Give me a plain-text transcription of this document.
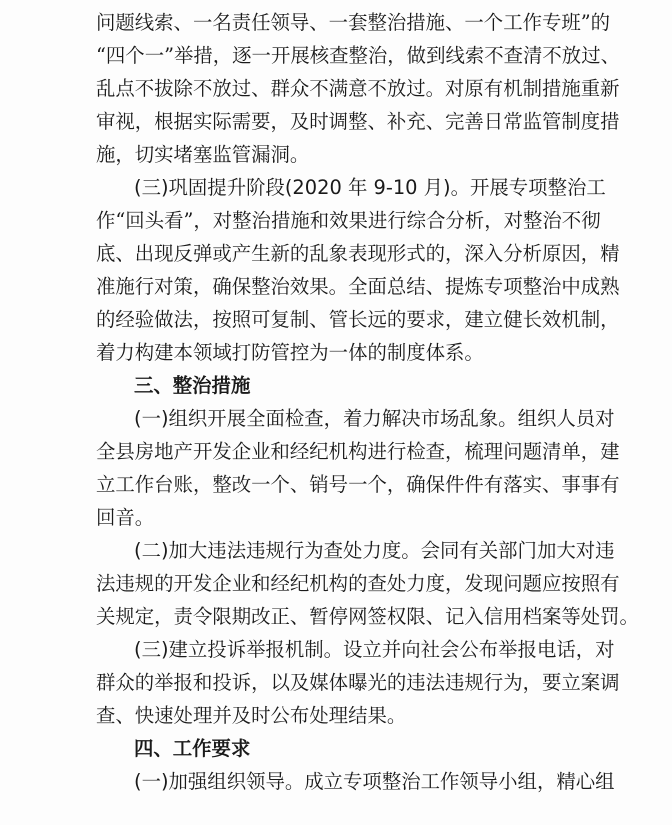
问题线索、一名责任领导、一套整治措施、一个工作专班”的
“四个一”举措，逐一开展核查整治，做到线索不查清不放过、
乱点不拔除不放过、群众不满意不放过。对原有机制措施重新
审视，根据实际需要，及时调整、补充、完善日常监管制度措
施，切实堵塞监管漏洞。
(三)巩固提升阶段(2020 年 9-10 月)。开展专项整治工
作“回头看”，对整治措施和效果进行综合分析，对整治不彻
底、出现反弹或产生新的乱象表现形式的，深入分析原因，精
准施行对策，确保整治效果。全面总结、提炼专项整治中成熟
的经验做法，按照可复制、管长远的要求，建立健长效机制，
着力构建本领域打防管控为一体的制度体系。
三、整治措施
(一)组织开展全面检查，着力解决市场乱象。组织人员对
全县房地产开发企业和经纪机构进行检查，梳理问题清单，建
立工作台账，整改一个、销号一个，确保件件有落实、事事有
回音。
(二)加大违法违规行为查处力度。会同有关部门加大对违
法违规的开发企业和经纪机构的查处力度，发现问题应按照有
关规定，责令限期改正、暂停网签权限、记入信用档案等处罚。
(三)建立投诉举报机制。设立并向社会公布举报电话，对
群众的举报和投诉，以及媒体曝光的违法违规行为，要立案调
查、快速处理并及时公布处理结果。
四、工作要求
(一)加强组织领导。成立专项整治工作领导小组，精心组
